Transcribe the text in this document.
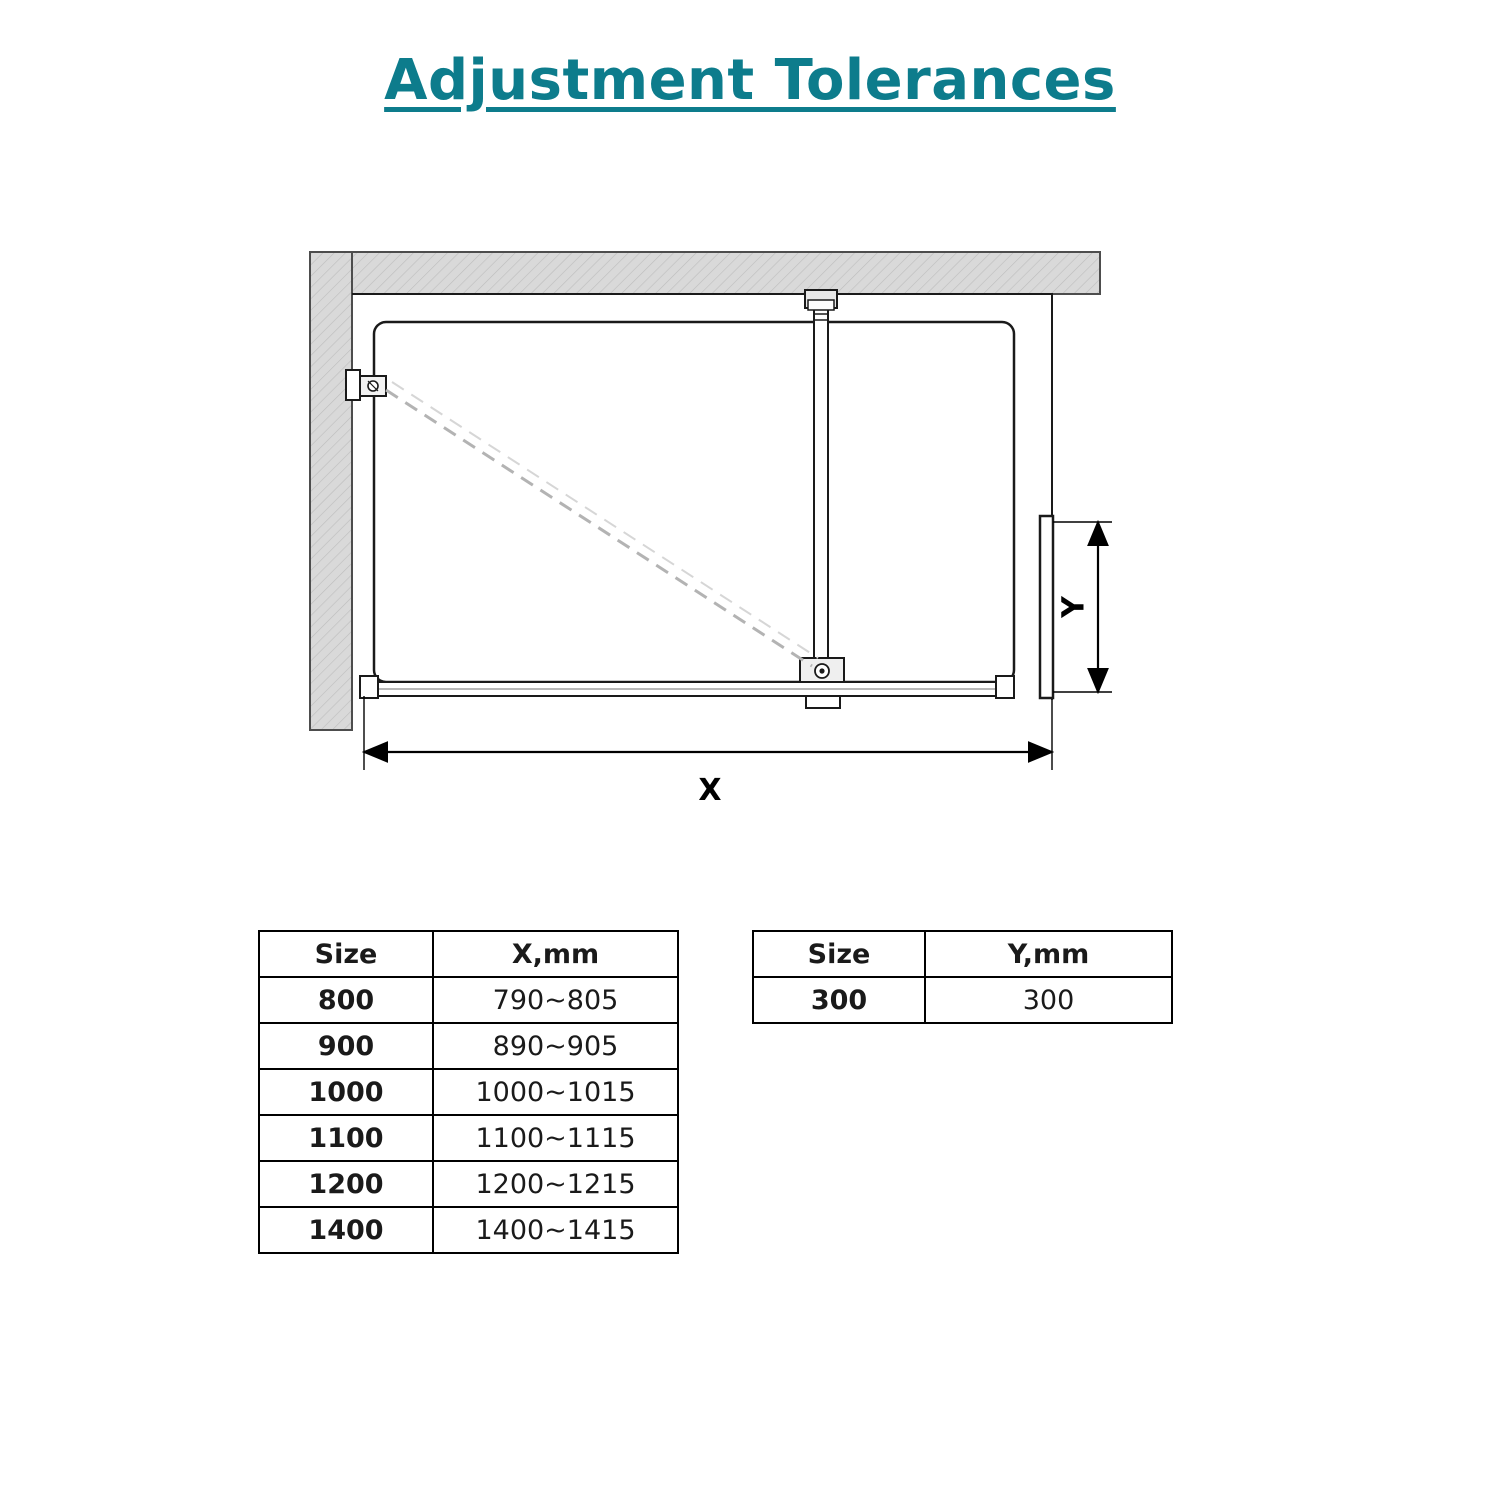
Adjustment Tolerances
Y
X
Size	X,mm
800	790~805
900	890~905
1000	1000~1015
1100	1100~1115
1200	1200~1215
1400	1400~1415
Size	Y,mm
300	300
